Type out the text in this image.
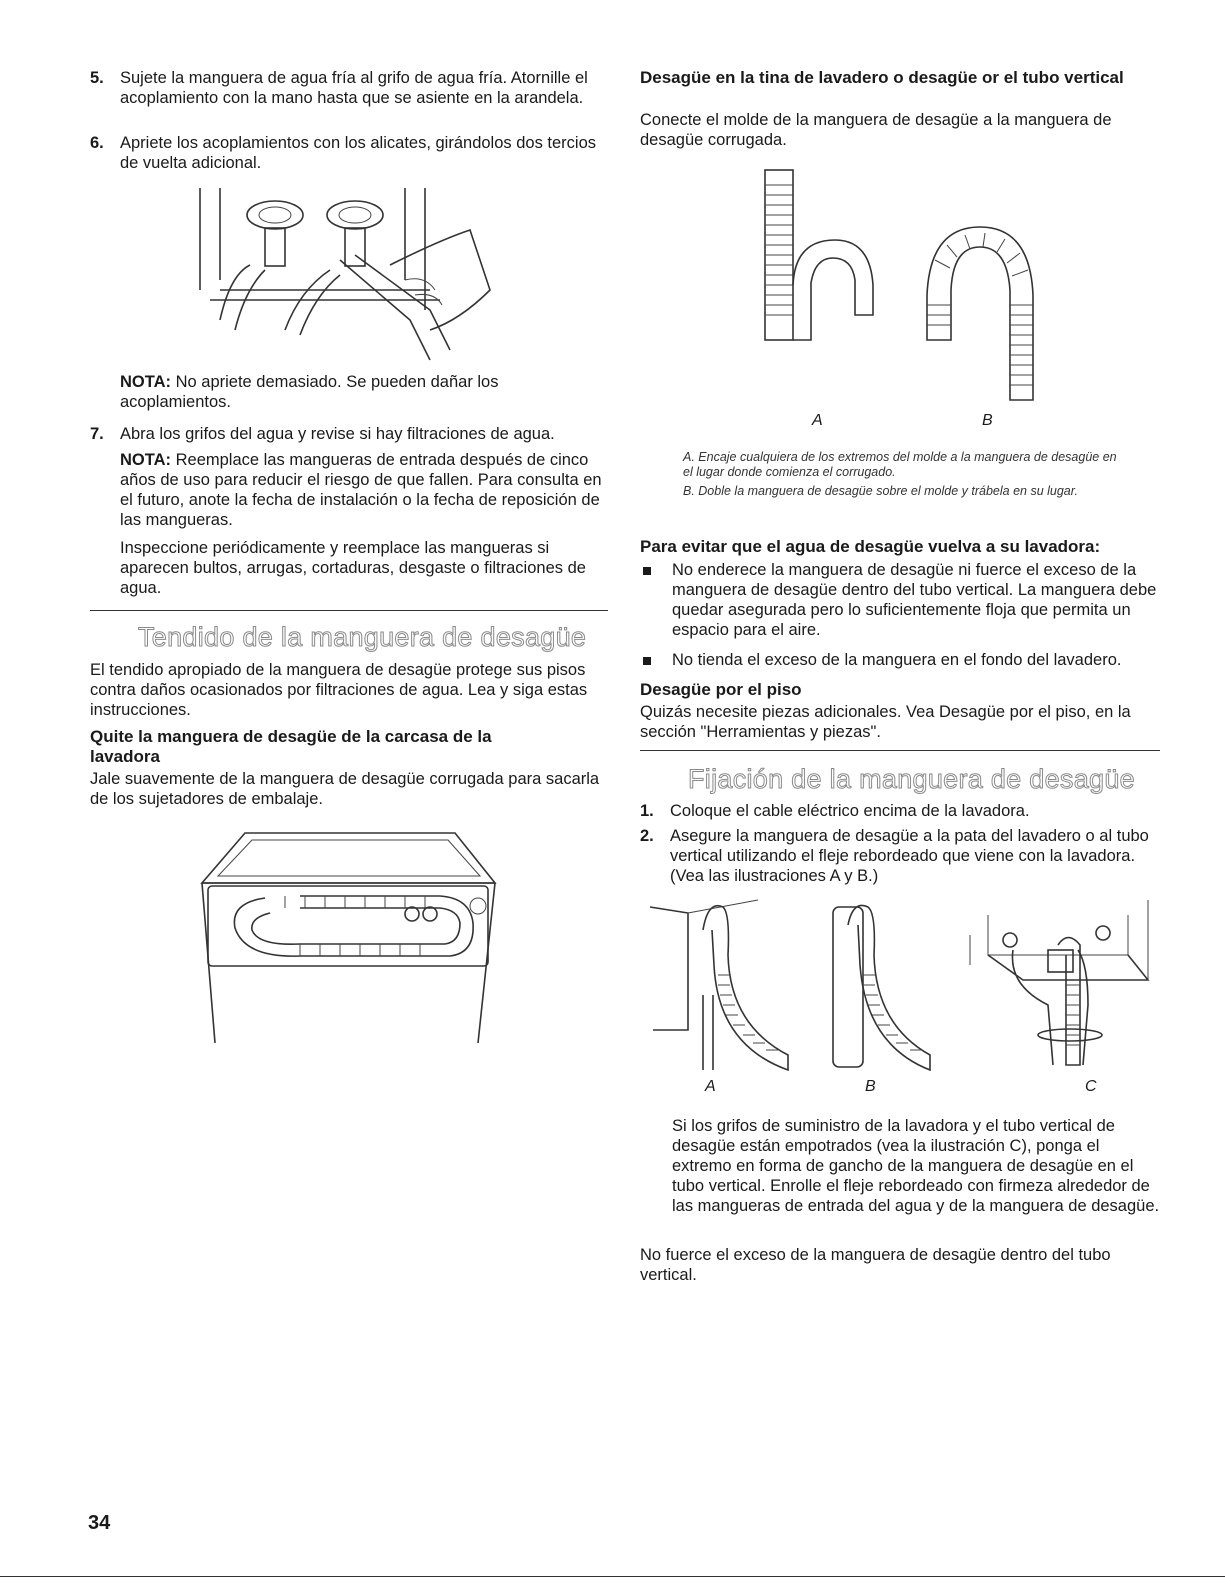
5. Sujete la manguera de agua fría al grifo de agua fría. Atornille el acoplamiento con la mano hasta que se asiente en la arandela.
6. Apriete los acoplamientos con los alicates, girándolos dos tercios de vuelta adicional.
NOTA: No apriete demasiado. Se pueden dañar los acoplamientos.
7. Abra los grifos del agua y revise si hay filtraciones de agua.
NOTA: Reemplace las mangueras de entrada después de cinco años de uso para reducir el riesgo de que fallen. Para consulta en el futuro, anote la fecha de instalación o la fecha de reposición de las mangueras.
Inspeccione periódicamente y reemplace las mangueras si aparecen bultos, arrugas, cortaduras, desgaste o filtraciones de agua.
Tendido de la manguera de desagüe
El tendido apropiado de la manguera de desagüe protege sus pisos contra daños ocasionados por filtraciones de agua. Lea y siga estas instrucciones.
Quite la manguera de desagüe de la carcasa de la lavadora
Jale suavemente de la manguera de desagüe corrugada para sacarla de los sujetadores de embalaje.
Desagüe en la tina de lavadero o desagüe or el tubo vertical
Conecte el molde de la manguera de desagüe a la manguera de desagüe corrugada.
A	B
A. Encaje cualquiera de los extremos del molde a la manguera de desagüe en el lugar donde comienza el corrugado.
B. Doble la manguera de desagüe sobre el molde y trábela en su lugar.
Para evitar que el agua de desagüe vuelva a su lavadora:
No enderece la manguera de desagüe ni fuerce el exceso de la manguera de desagüe dentro del tubo vertical. La manguera debe quedar asegurada pero lo suficientemente floja que permita un espacio para el aire.
No tienda el exceso de la manguera en el fondo del lavadero.
Desagüe por el piso
Quizás necesite piezas adicionales. Vea Desagüe por el piso, en la sección "Herramientas y piezas".
Fijación de la manguera de desagüe
1. Coloque el cable eléctrico encima de la lavadora.
2. Asegure la manguera de desagüe a la pata del lavadero o al tubo vertical utilizando el fleje rebordeado que viene con la lavadora. (Vea las ilustraciones A y B.)
A	B	C
Si los grifos de suministro de la lavadora y el tubo vertical de desagüe están empotrados (vea la ilustración C), ponga el extremo en forma de gancho de la manguera de desagüe en el tubo vertical. Enrolle el fleje rebordeado con firmeza alrededor de las mangueras de entrada del agua y de la manguera de desagüe.
No fuerce el exceso de la manguera de desagüe dentro del tubo vertical.
34
